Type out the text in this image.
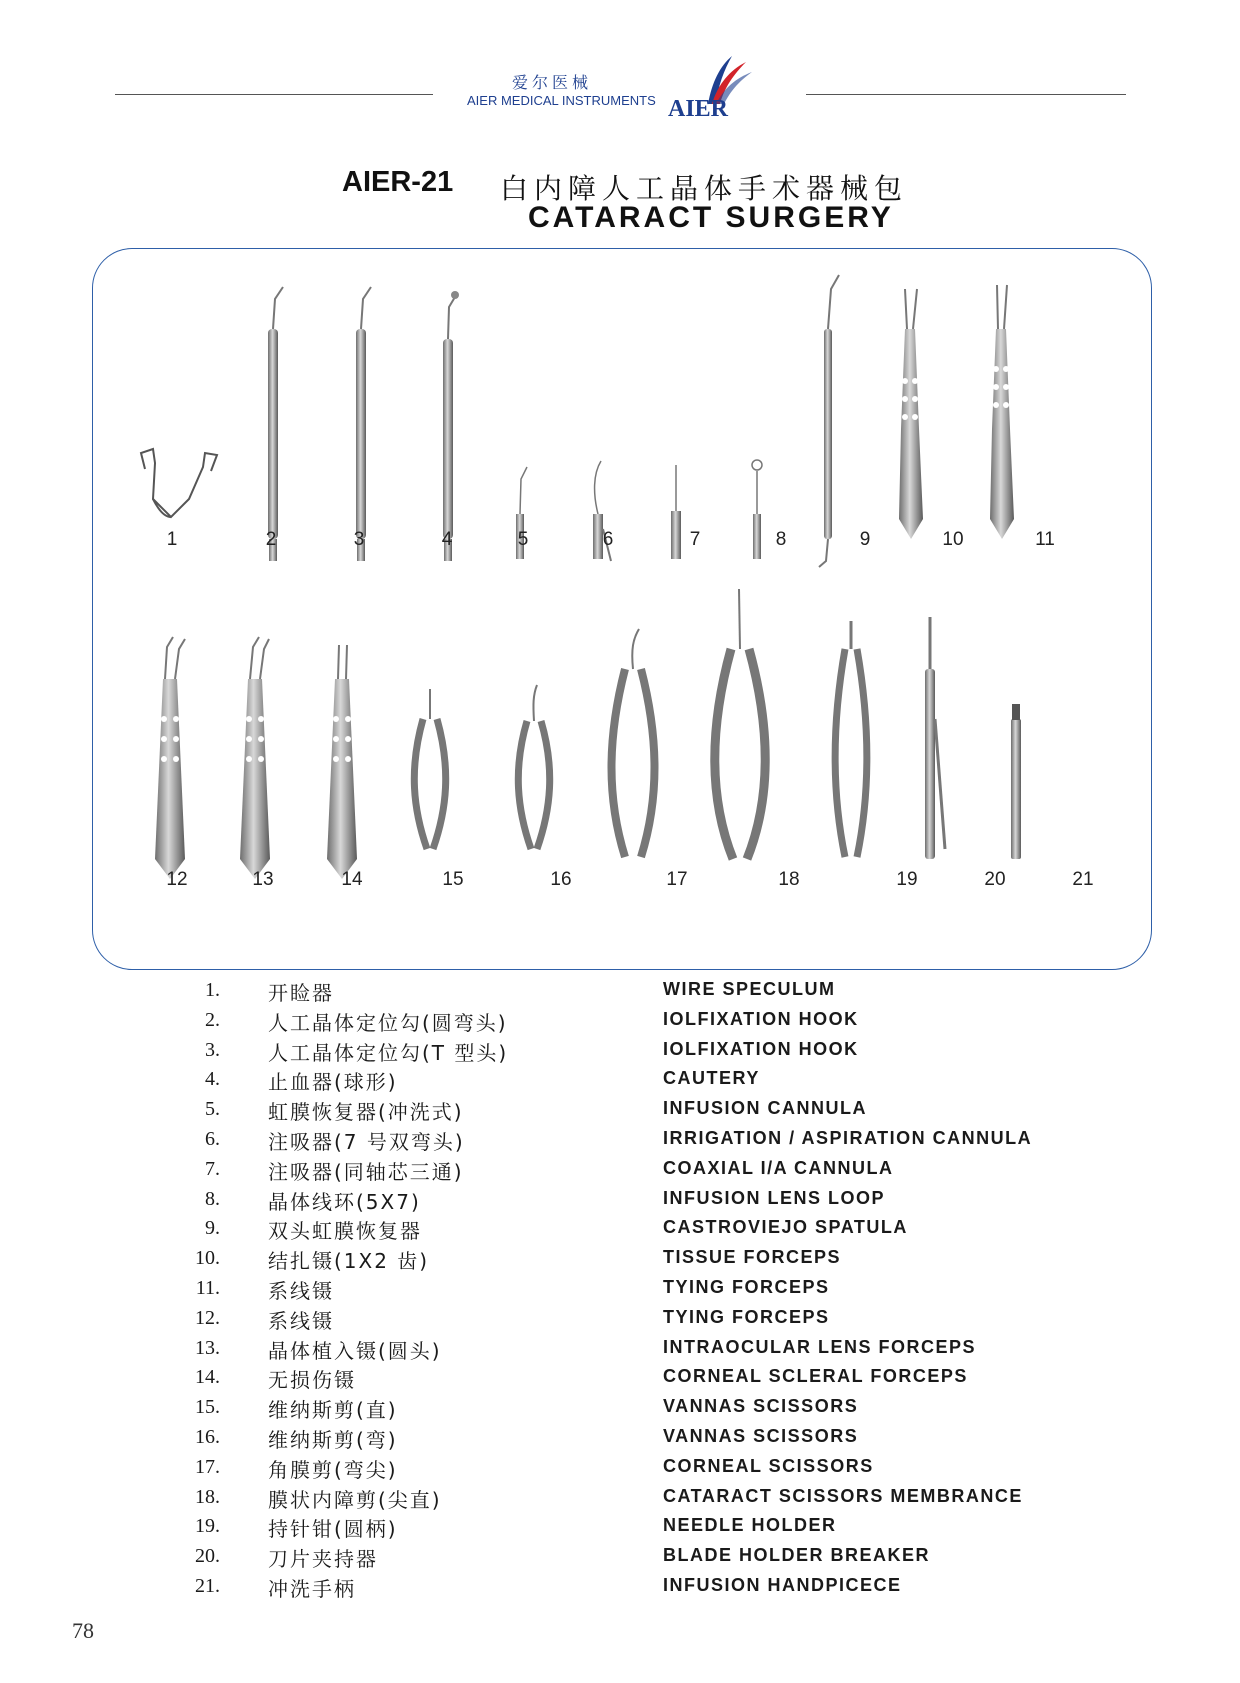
爱尔医械
AIER MEDICAL INSTRUMENTS AIER
AIER-21 白内障人工晶体手术器械包
CATARACT SURGERY
1	2	3	4	5	6	7	8	9	10	11
12	13	14	15	16	17	18	19	20	21
1. 开睑器	WIRE SPECULUM
2. 人工晶体定位勾(圆弯头)	IOLFIXATION HOOK
3. 人工晶体定位勾(T 型头)	IOLFIXATION HOOK
4. 止血器(球形)	CAUTERY
5. 虹膜恢复器(冲洗式)	INFUSION CANNULA
6. 注吸器(7 号双弯头)	IRRIGATION / ASPIRATION CANNULA
7. 注吸器(同轴芯三通)	COAXIAL I/A CANNULA
8. 晶体线环(5X7)	INFUSION LENS LOOP
9. 双头虹膜恢复器	CASTROVIEJO SPATULA
10. 结扎镊(1X2 齿)	TISSUE FORCEPS
11. 系线镊	TYING FORCEPS
12. 系线镊	TYING FORCEPS
13. 晶体植入镊(圆头)	INTRAOCULAR LENS FORCEPS
14. 无损伤镊	CORNEAL SCLERAL FORCEPS
15. 维纳斯剪(直)	VANNAS SCISSORS
16. 维纳斯剪(弯)	VANNAS SCISSORS
17. 角膜剪(弯尖)	CORNEAL SCISSORS
18. 膜状内障剪(尖直)	CATARACT SCISSORS MEMBRANCE
19. 持针钳(圆柄)	NEEDLE HOLDER
20. 刀片夹持器	BLADE HOLDER BREAKER
21. 冲洗手柄	INFUSION HANDPICECE
78
